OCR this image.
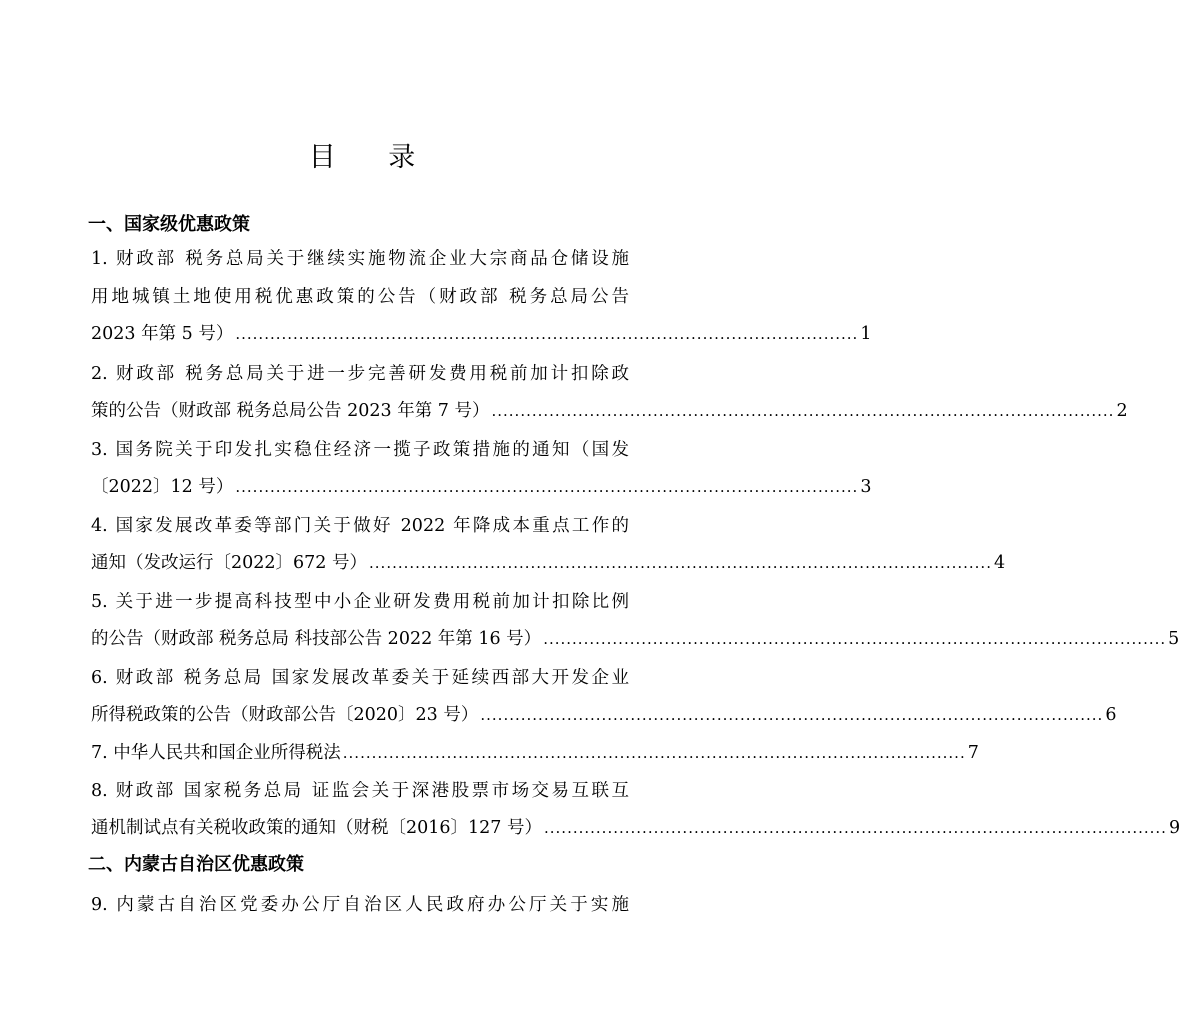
目 录
一、国家级优惠政策
1. 财政部 税务总局关于继续实施物流企业大宗商品仓储设施
用地城镇土地使用税优惠政策的公告（财政部 税务总局公告
2023 年第 5 号） ............................................................................................................ 1
2. 财政部 税务总局关于进一步完善研发费用税前加计扣除政
策的公告（财政部 税务总局公告 2023 年第 7 号） ............................................................................................................ 2
3. 国务院关于印发扎实稳住经济一揽子政策措施的通知（国发
〔2022〕12 号） ............................................................................................................ 3
4. 国家发展改革委等部门关于做好 2022 年降成本重点工作的
通知（发改运行〔2022〕672 号） ............................................................................................................ 4
5. 关于进一步提高科技型中小企业研发费用税前加计扣除比例
的公告（财政部 税务总局 科技部公告 2022 年第 16 号） ............................................................................................................ 5
6. 财政部 税务总局 国家发展改革委关于延续西部大开发企业
所得税政策的公告（财政部公告〔2020〕23 号） ............................................................................................................ 6
7. 中华人民共和国企业所得税法 ............................................................................................................ 7
8. 财政部 国家税务总局 证监会关于深港股票市场交易互联互
通机制试点有关税收政策的通知（财税〔2016〕127 号） ............................................................................................................ 9
二、内蒙古自治区优惠政策
9. 内蒙古自治区党委办公厅自治区人民政府办公厅关于实施
